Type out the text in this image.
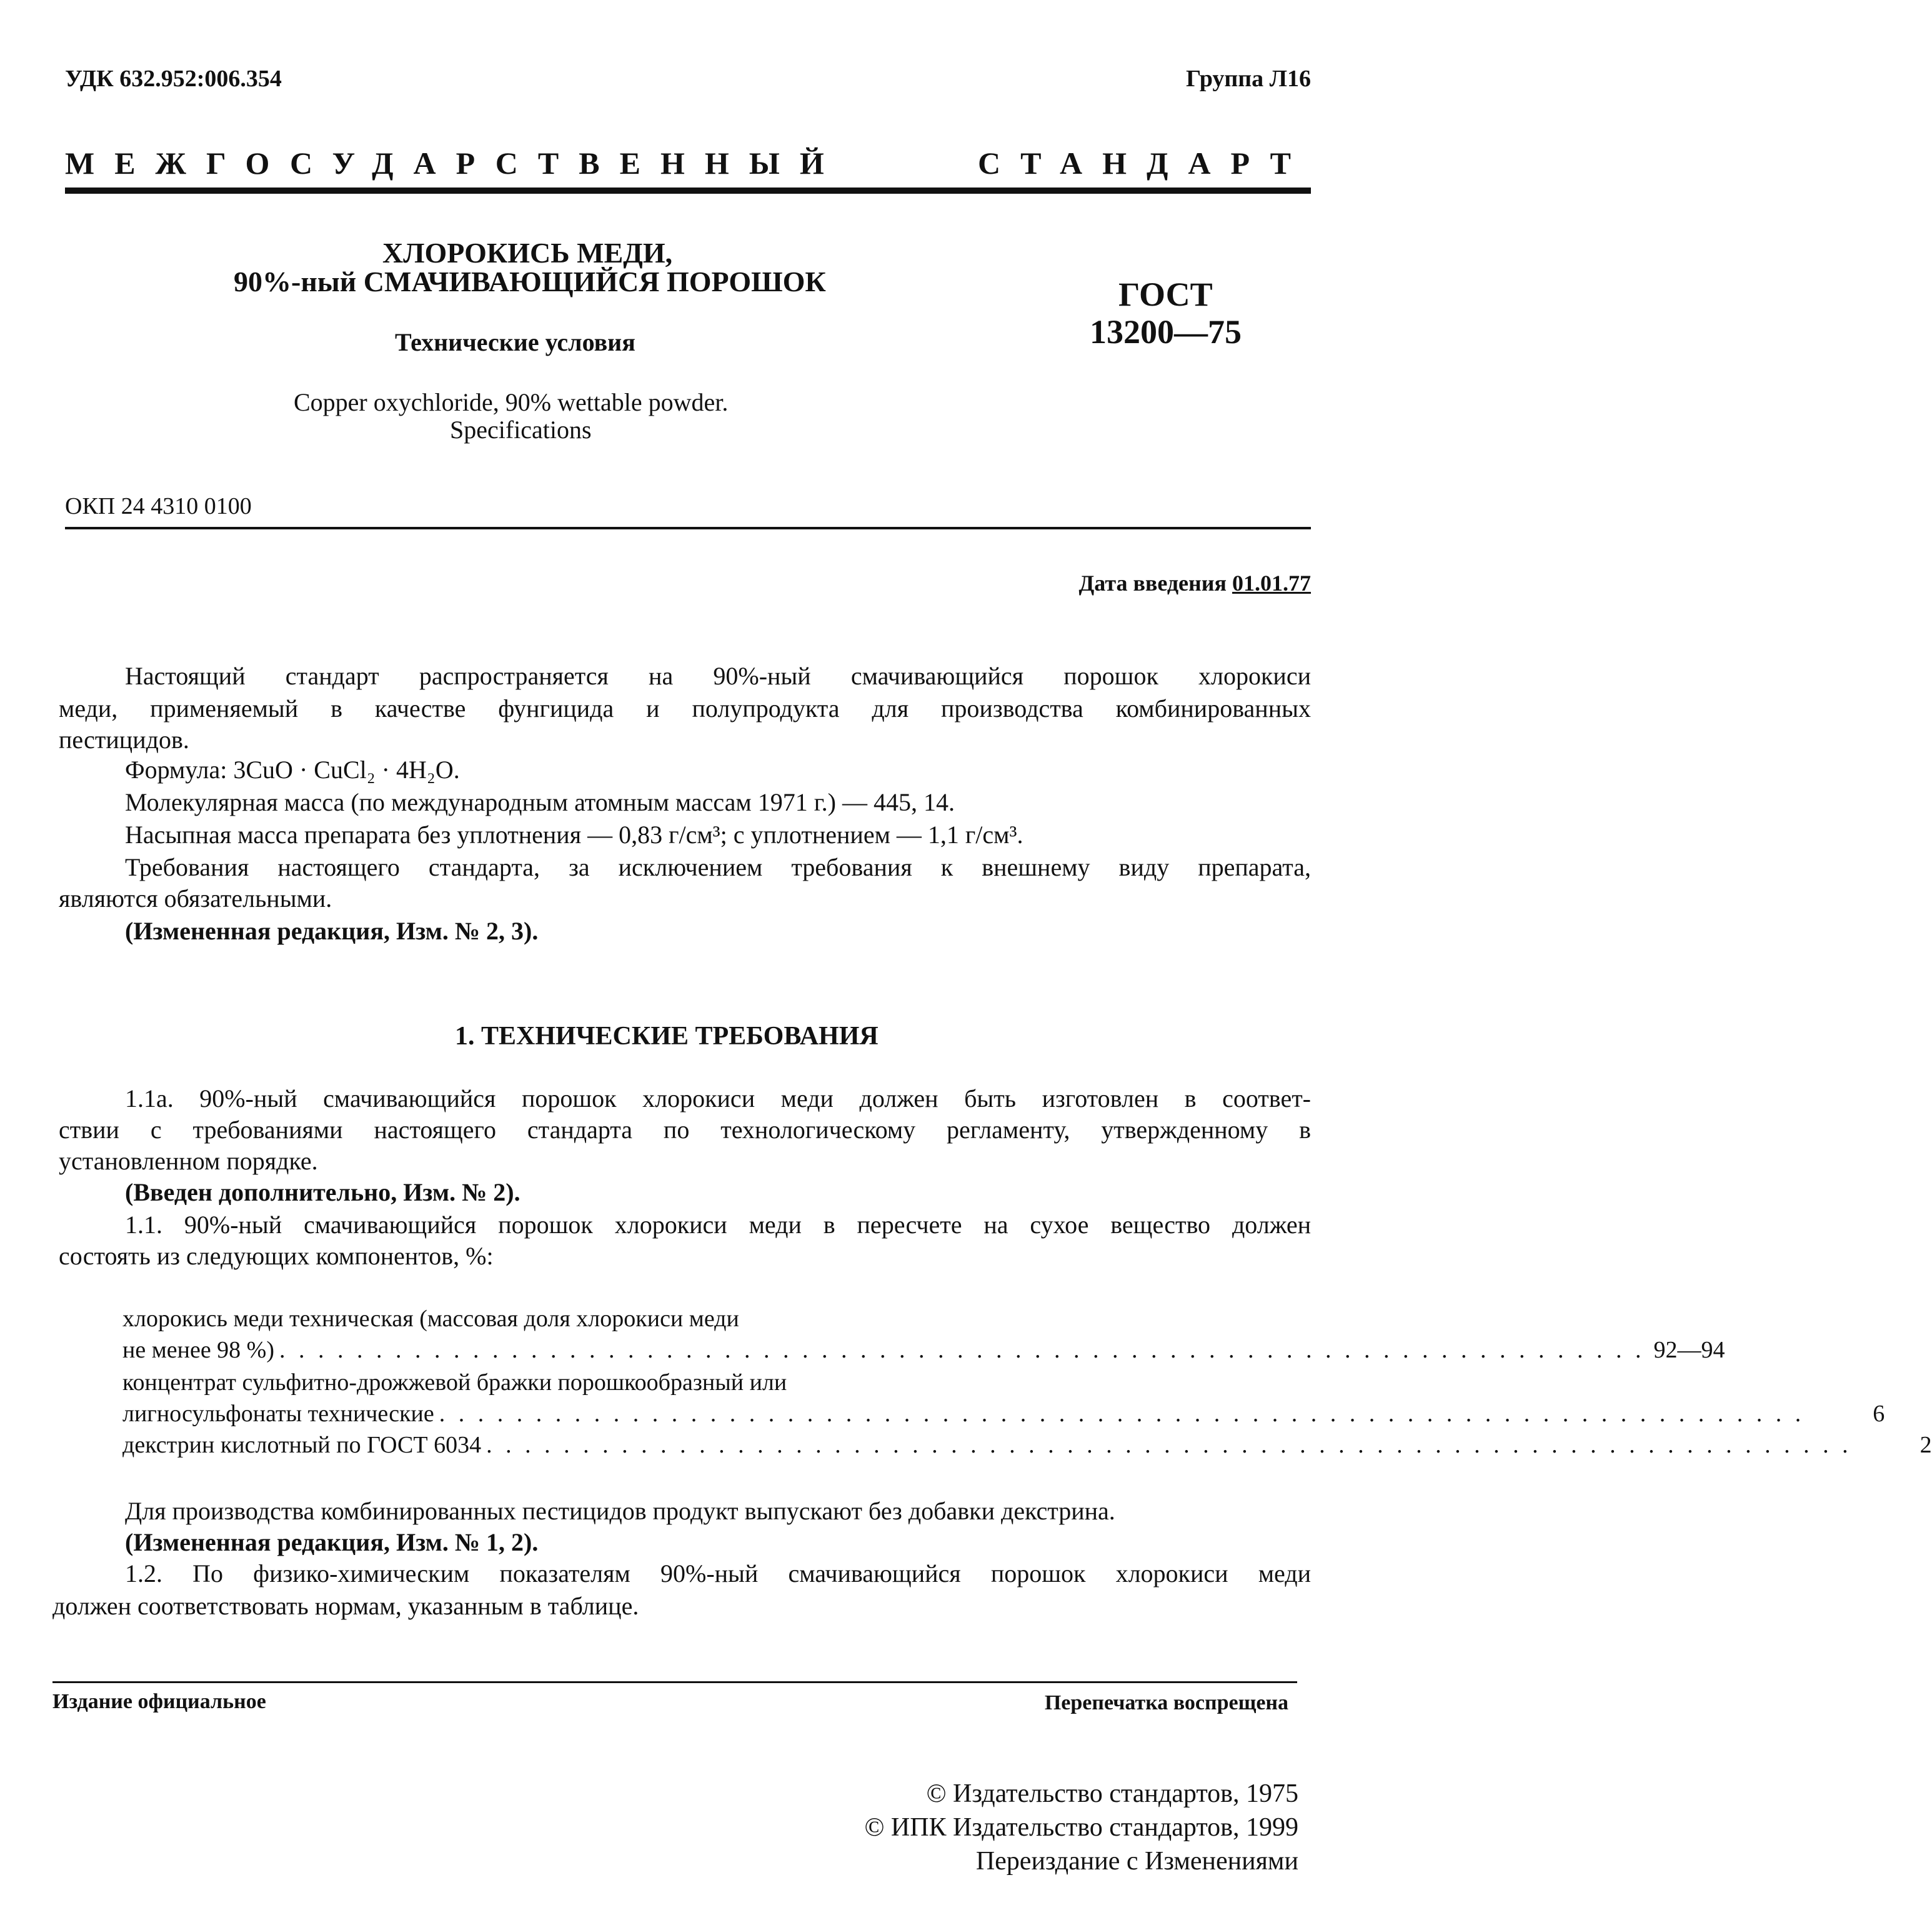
УДК 632.952:006.354	Группа Л16
МЕЖГОСУДАРСТВЕННЫЙ СТАНДАРТ
ХЛОРОКИСЬ МЕДИ,
90%-ный СМАЧИВАЮЩИЙСЯ ПОРОШОК
Технические условия
Copper oxychloride, 90% wettable powder.
Specifications
ГОСТ
13200—75
ОКП 24 4310 0100
Дата введения 01.01.77
Настоящий стандарт распространяется на 90%-ный смачивающийся порошок хлорокиси
меди, применяемый в качестве фунгицида и полупродукта для производства комбинированных
пестицидов.
Формула: 3CuO · CuCl₂ · 4H₂O.
Молекулярная масса (по международным атомным массам 1971 г.) — 445, 14.
Насыпная масса препарата без уплотнения — 0,83 г/см³; с уплотнением — 1,1 г/см³.
Требования настоящего стандарта, за исключением требования к внешнему виду препарата,
являются обязательными.
(Измененная редакция, Изм. № 2, 3).
1. ТЕХНИЧЕСКИЕ ТРЕБОВАНИЯ
1.1а. 90%-ный смачивающийся порошок хлорокиси меди должен быть изготовлен в соответ-
ствии с требованиями настоящего стандарта по технологическому регламенту, утвержденному в
установленном порядке.
(Введен дополнительно, Изм. № 2).
1.1. 90%-ный смачивающийся порошок хлорокиси меди в пересчете на сухое вещество должен
состоять из следующих компонентов, %:
хлорокись меди техническая (массовая доля хлорокиси меди
не менее 98 %) . . . . . . . . . . . . . . . . . . . . . . . . . . . . . . . . . . . . . . . . . . . . . . . . . . . . . . . . . . . . . . . . . . . . . . . 92—94
концентрат сульфитно-дрожжевой бражки порошкообразный или
лигносульфонаты технические . . . . . . . . . . . . . . . . . . . . . . . . . . . . . . . . . . . . . . . . . . . . . . . . . . . . . . . . . . . . . . . . . . . . . . .	6
декстрин кислотный по ГОСТ 6034 . . . . . . . . . . . . . . . . . . . . . . . . . . . . . . . . . . . . . . . . . . . . . . . . . . . . . . . . . . . . . . . . . . . . . . .	2
Для производства комбинированных пестицидов продукт выпускают без добавки декстрина.
(Измененная редакция, Изм. № 1, 2).
1.2. По физико-химическим показателям 90%-ный смачивающийся порошок хлорокиси меди
должен соответствовать нормам, указанным в таблице.
Издание официальное	Перепечатка воспрещена
© Издательство стандартов, 1975
© ИПК Издательство стандартов, 1999
Переиздание с Изменениями
